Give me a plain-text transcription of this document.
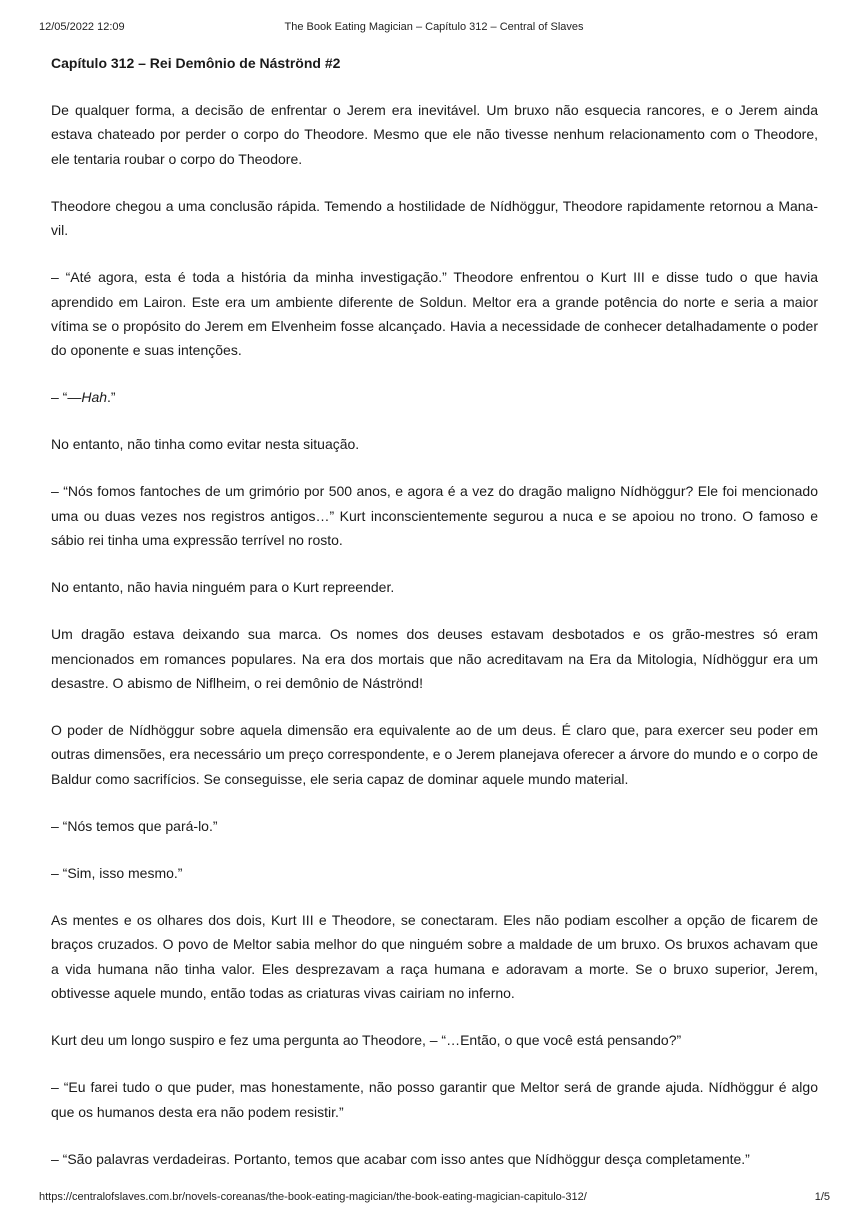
12/05/2022 12:09	The Book Eating Magician – Capítulo 312 – Central of Slaves
Capítulo 312 – Rei Demônio de Náströnd #2

De qualquer forma, a decisão de enfrentar o Jerem era inevitável. Um bruxo não esquecia rancores, e o Jerem ainda estava chateado por perder o corpo do Theodore. Mesmo que ele não tivesse nenhum relacionamento com o Theodore, ele tentaria roubar o corpo do Theodore.

Theodore chegou a uma conclusão rápida. Temendo a hostilidade de Nídhöggur, Theodore rapidamente retornou a Mana-vil.

– “Até agora, esta é toda a história da minha investigação.” Theodore enfrentou o Kurt III e disse tudo o que havia aprendido em Lairon. Este era um ambiente diferente de Soldun. Meltor era a grande potência do norte e seria a maior vítima se o propósito do Jerem em Elvenheim fosse alcançado. Havia a necessidade de conhecer detalhadamente o poder do oponente e suas intenções.

– “—Hah.”

No entanto, não tinha como evitar nesta situação.

– “Nós fomos fantoches de um grimório por 500 anos, e agora é a vez do dragão maligno Nídhöggur? Ele foi mencionado uma ou duas vezes nos registros antigos…” Kurt inconscientemente segurou a nuca e se apoiou no trono. O famoso e sábio rei tinha uma expressão terrível no rosto.

No entanto, não havia ninguém para o Kurt repreender.

Um dragão estava deixando sua marca. Os nomes dos deuses estavam desbotados e os grão-mestres só eram mencionados em romances populares. Na era dos mortais que não acreditavam na Era da Mitologia, Nídhöggur era um desastre. O abismo de Niflheim, o rei demônio de Náströnd!

O poder de Nídhöggur sobre aquela dimensão era equivalente ao de um deus. É claro que, para exercer seu poder em outras dimensões, era necessário um preço correspondente, e o Jerem planejava oferecer a árvore do mundo e o corpo de Baldur como sacrifícios. Se conseguisse, ele seria capaz de dominar aquele mundo material.

– “Nós temos que pará-lo.”

– “Sim, isso mesmo.”

As mentes e os olhares dos dois, Kurt III e Theodore, se conectaram. Eles não podiam escolher a opção de ficarem de braços cruzados. O povo de Meltor sabia melhor do que ninguém sobre a maldade de um bruxo. Os bruxos achavam que a vida humana não tinha valor. Eles desprezavam a raça humana e adoravam a morte. Se o bruxo superior, Jerem, obtivesse aquele mundo, então todas as criaturas vivas cairiam no inferno.

Kurt deu um longo suspiro e fez uma pergunta ao Theodore, – “…Então, o que você está pensando?”

– “Eu farei tudo o que puder, mas honestamente, não posso garantir que Meltor será de grande ajuda. Nídhöggur é algo que os humanos desta era não podem resistir.”

– “São palavras verdadeiras. Portanto, temos que acabar com isso antes que Nídhöggur desça completamente.”

https://centralofslaves.com.br/novels-coreanas/the-book-eating-magician/the-book-eating-magician-capitulo-312/	1/5
